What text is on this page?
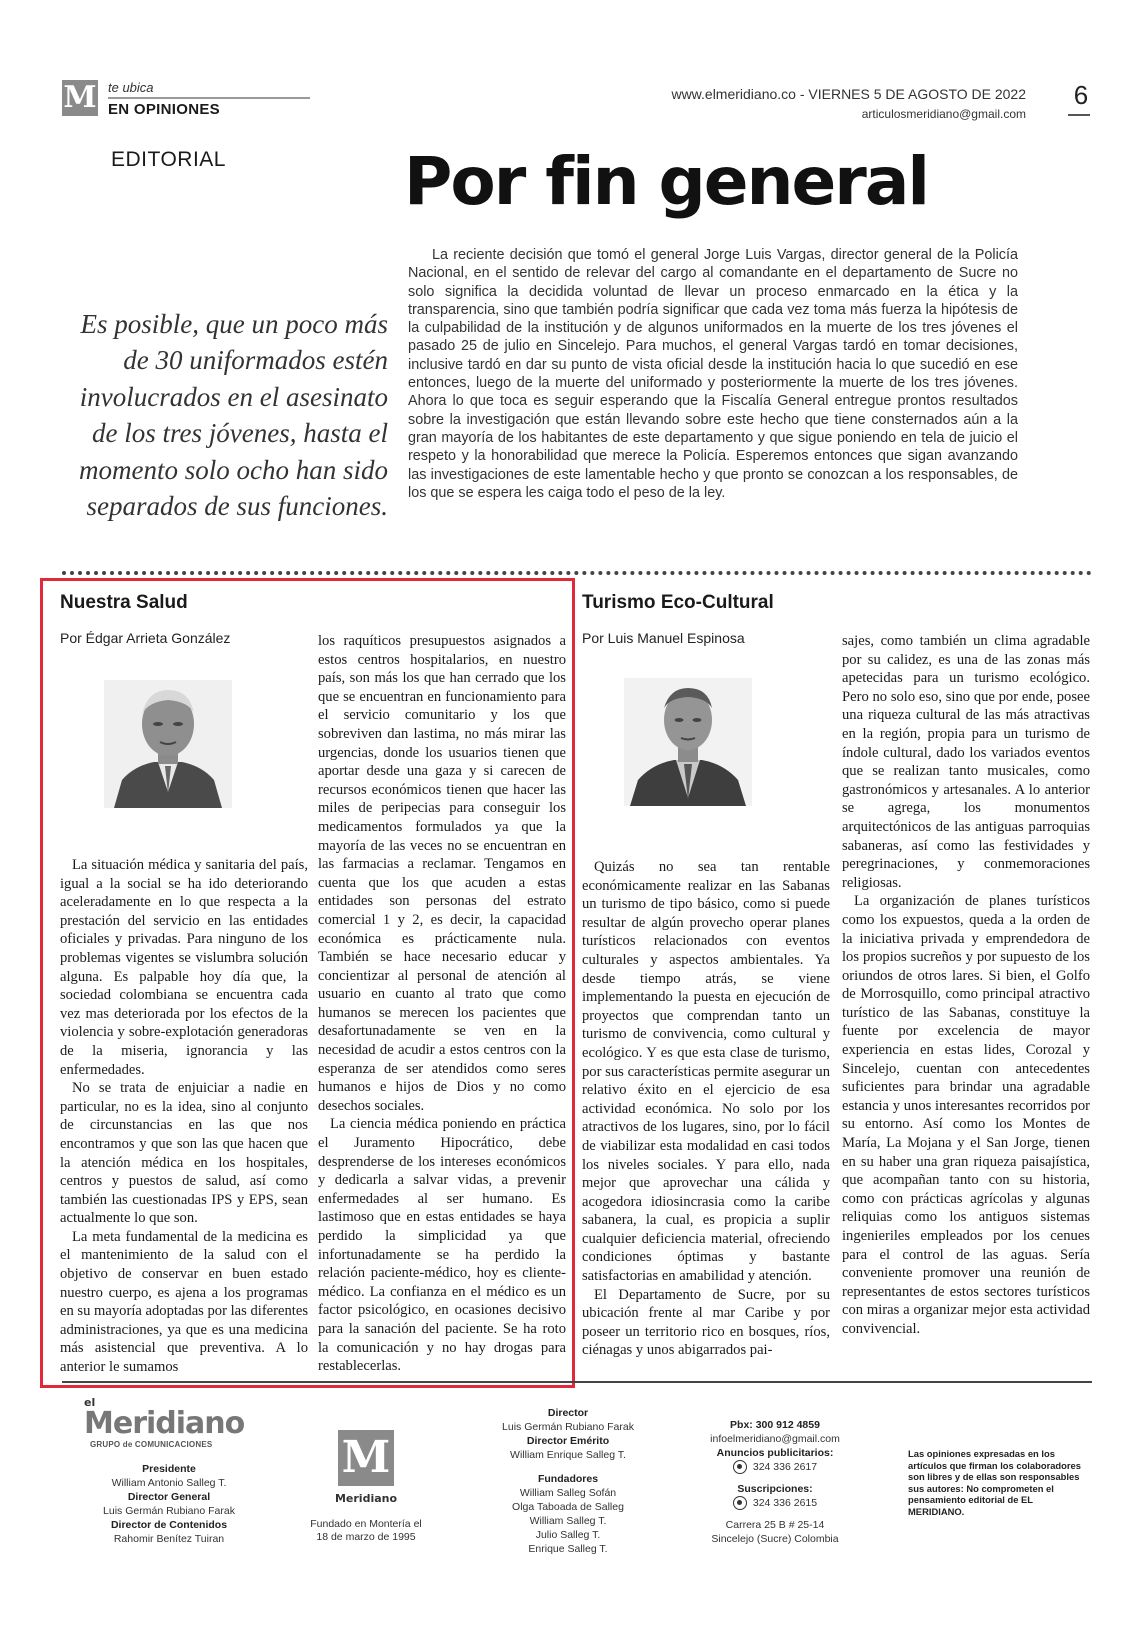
M te ubica
EN OPINIONES
www.elmeridiano.co - VIERNES 5 DE AGOSTO DE 2022
articulosmeridiano@gmail.com
6
EDITORIAL	Por fin general
Es posible, que un poco más de 30 uniformados estén involucrados en el asesinato de los tres jóvenes, hasta el momento solo ocho han sido separados de sus funciones.
La reciente decisión que tomó el general Jorge Luis Vargas, director general de la Policía Nacional, en el sentido de relevar del cargo al comandante en el departamento de Sucre no solo significa la decidida voluntad de llevar un proceso enmarcado en la ética y la transparencia, sino que también podría significar que cada vez toma más fuerza la hipótesis de la culpabilidad de la institución y de algunos uniformados en la muerte de los tres jóvenes el pasado 25 de julio en Sincelejo. Para muchos, el general Vargas tardó en tomar decisiones, inclusive tardó en dar su punto de vista oficial desde la institución hacia lo que sucedió en ese entonces, luego de la muerte del uniformado y posteriormente la muerte de los tres jóvenes. Ahora lo que toca es seguir esperando que la Fiscalía General entregue prontos resultados sobre la investigación que están llevando sobre este hecho que tiene consternados aún a la gran mayoría de los habitantes de este departamento y que sigue poniendo en tela de juicio el respeto y la honorabilidad que merece la Policía. Esperemos entonces que sigan avanzando las investigaciones de este lamentable hecho y que pronto se conozcan a los responsables, de los que se espera les caiga todo el peso de la ley.
Nuestra Salud
Por Édgar Arrieta González

La situación médica y sanitaria del país, igual a la social se ha ido deteriorando aceleradamente en lo que respecta a la prestación del servicio en las entidades oficiales y privadas. Para ninguno de los problemas vigentes se vislumbra solución alguna. Es palpable hoy día que, la sociedad colombiana se encuentra cada vez mas deteriorada por los efectos de la violencia y sobre-explotación generadoras de la miseria, ignorancia y las enfermedades.

No se trata de enjuiciar a nadie en particular, no es la idea, sino al conjunto de circunstancias en las que nos encontramos y que son las que hacen que la atención médica en los hospitales, centros y puestos de salud, así como también las cuestionadas IPS y EPS, sean actualmente lo que son.

La meta fundamental de la medicina es el mantenimiento de la salud con el objetivo de conservar en buen estado nuestro cuerpo, es ajena a los programas en su mayoría adoptadas por las diferentes administraciones, ya que es una medicina más asistencial que preventiva. A lo anterior le sumamos

los raquíticos presupuestos asignados a estos centros hospitalarios, en nuestro país, son más los que han cerrado que los que se encuentran en funcionamiento para el servicio comunitario y los que sobreviven dan lastima, no más mirar las urgencias, donde los usuarios tienen que aportar desde una gaza y si carecen de recursos económicos tienen que hacer las miles de peripecias para conseguir los medicamentos formulados ya que la mayoría de las veces no se encuentran en las farmacias a reclamar. Tengamos en cuenta que los que acuden a estas entidades son personas del estrato comercial 1 y 2, es decir, la capacidad económica es prácticamente nula. También se hace necesario educar y concientizar al personal de atención al usuario en cuanto al trato que como humanos se merecen los pacientes que desafortunadamente se ven en la necesidad de acudir a estos centros con la esperanza de ser atendidos como seres humanos e hijos de Dios y no como desechos sociales.

La ciencia médica poniendo en práctica el Juramento Hipocrático, debe desprenderse de los intereses económicos y dedicarla a salvar vidas, a prevenir enfermedades al ser humano. Es lastimoso que en estas entidades se haya perdido la simplicidad ya que infortunadamente se ha perdido la relación paciente-médico, hoy es cliente-médico. La confianza en el médico es un factor psicológico, en ocasiones decisivo para la sanación del paciente. Se ha roto la comunicación y no hay drogas para restablecerlas.

Turismo Eco-Cultural
Por Luis Manuel Espinosa

Quizás no sea tan rentable económicamente realizar en las Sabanas un turismo de tipo básico, como si puede resultar de algún provecho operar planes turísticos relacionados con eventos culturales y aspectos ambientales. Ya desde tiempo atrás, se viene implementando la puesta en ejecución de proyectos que comprendan tanto un turismo de convivencia, como cultural y ecológico. Y es que esta clase de turismo, por sus características permite asegurar un relativo éxito en el ejercicio de esa actividad económica. No solo por los atractivos de los lugares, sino, por lo fácil de viabilizar esta modalidad en casi todos los niveles sociales. Y para ello, nada mejor que aprovechar una cálida y acogedora idiosincrasia como la caribe sabanera, la cual, es propicia a suplir cualquier deficiencia material, ofreciendo condiciones óptimas y bastante satisfactorias en amabilidad y atención.

El Departamento de Sucre, por su ubicación frente al mar Caribe y por poseer un territorio rico en bosques, ríos, ciénagas y unos abigarrados pai-

sajes, como también un clima agradable por su calidez, es una de las zonas más apetecidas para un turismo ecológico. Pero no solo eso, sino que por ende, posee una riqueza cultural de las más atractivas en la región, propia para un turismo de índole cultural, dado los variados eventos que se realizan tanto musicales, como gastronómicos y artesanales. A lo anterior se agrega, los monumentos arquitectónicos de las antiguas parroquias sabaneras, así como las festividades y peregrinaciones, y conmemoraciones religiosas.

La organización de planes turísticos como los expuestos, queda a la orden de la iniciativa privada y emprendedora de los propios sucreños y por supuesto de los oriundos de otros lares. Si bien, el Golfo de Morrosquillo, como principal atractivo turístico de las Sabanas, constituye la fuente por excelencia de mayor experiencia en estas lides, Corozal y Sincelejo, cuentan con antecedentes suficientes para brindar una agradable estancia y unos interesantes recorridos por su entorno. Así como los Montes de María, La Mojana y el San Jorge, tienen en su haber una gran riqueza paisajística, que acompañan tanto con su historia, como con prácticas agrícolas y algunas reliquias como los antiguos sistemas ingenieriles empleados por los cenues para el control de las aguas. Sería conveniente promover una reunión de representantes de estos sectores turísticos con miras a organizar mejor esta actividad convivencial.

el
Meridiano
GRUPO de COMUNICACIONES
Presidente
William Antonio Salleg T.
Director General
Luis Germán Rubiano Farak
Director de Contenidos
Rahomir Benítez Tuiran
M
Meridiano
Fundado en Montería el 18 de marzo de 1995
Director
Luis Germán Rubiano Farak
Director Emérito
William Enrique Salleg T.
Fundadores
William Salleg Sofán
Olga Taboada de Salleg
William Salleg T.
Julio Salleg T.
Enrique Salleg T.
Pbx: 300 912 4859
infoelmeridiano@gmail.com
Anuncios publicitarios:
324 336 2617
Suscripciones:
324 336 2615
Carrera 25 B # 25-14
Sincelejo (Sucre) Colombia
Las opiniones expresadas en los artículos que firman los colaboradores son libres y de ellas son responsables sus autores: No comprometen el pensamiento editorial de EL MERIDIANO.
